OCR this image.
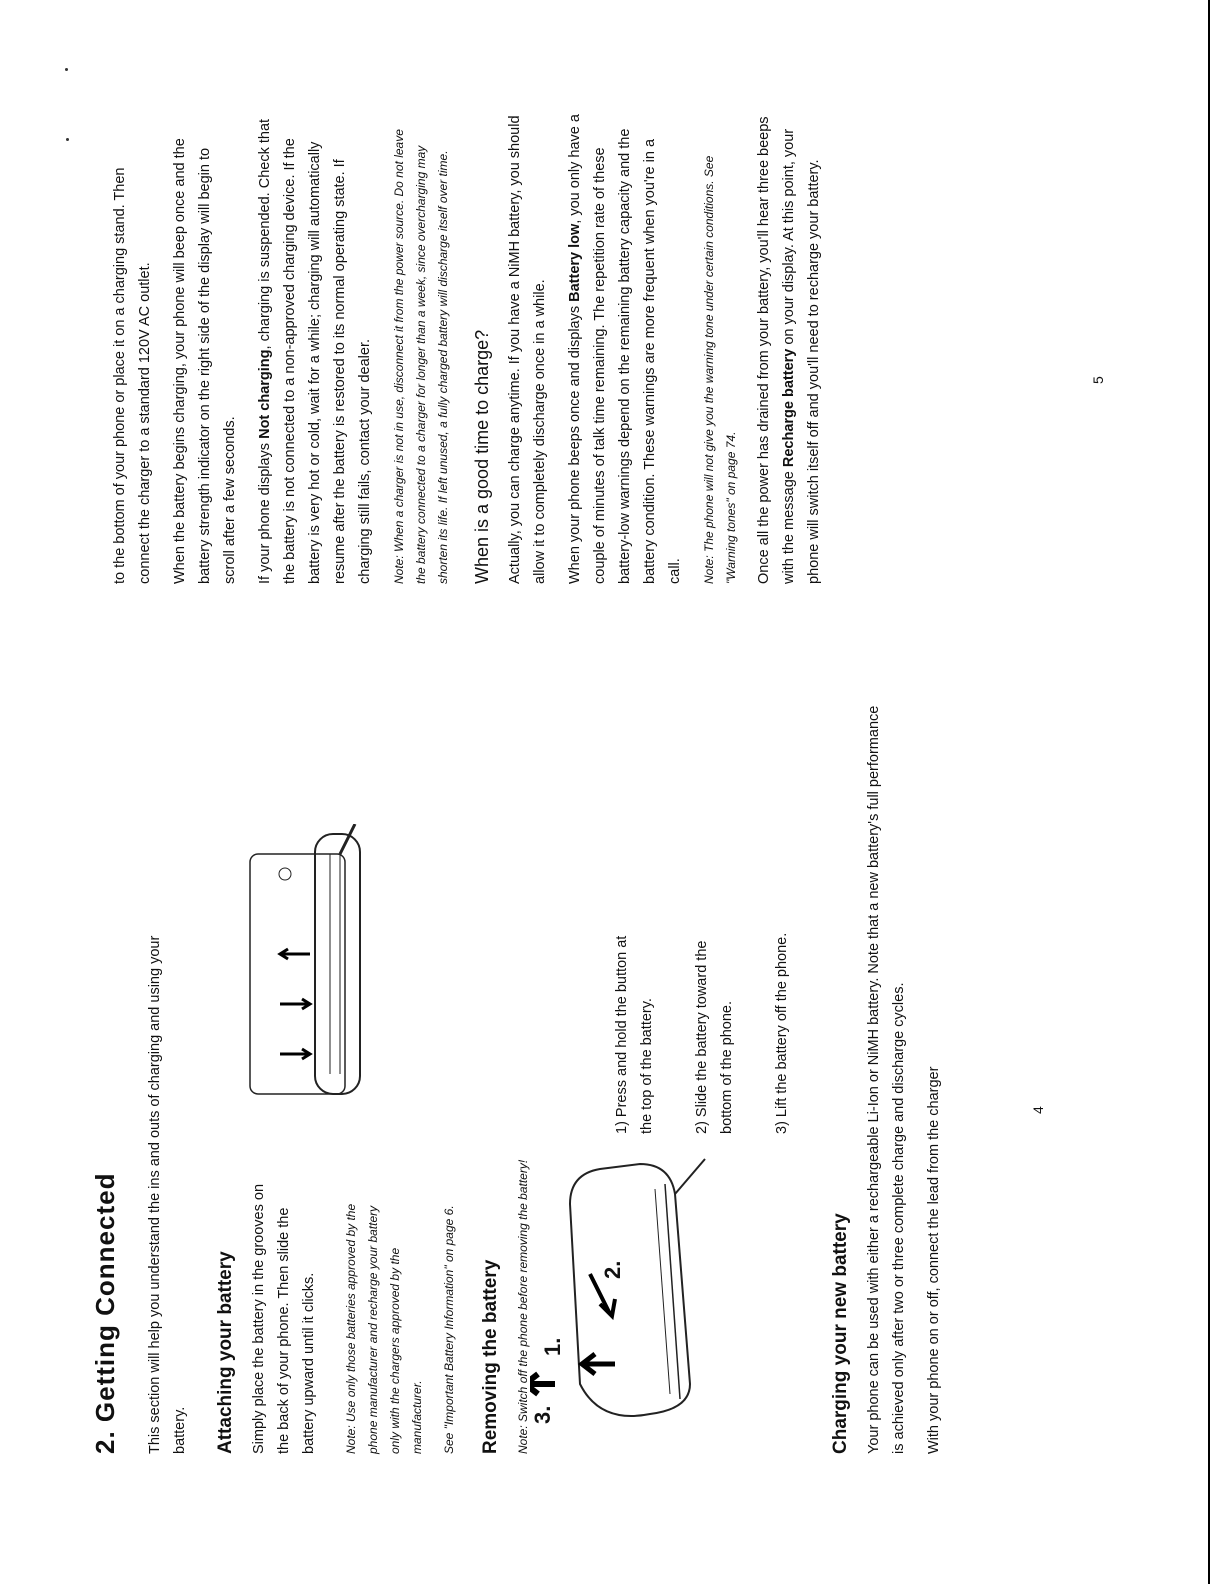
2. Getting Connected This section will help you understand the ins and outs of charging and using your battery. Attaching your battery Simply place the battery in the grooves on the back of your phone. Then slide the battery upward until it clicks.	Note: Use only those batteries approved by the phone manufacturer and recharge your battery only with the chargers approved by the manufacturer.	See "Important Battery Information" on page 6. Removing the battery	Note: Switch off the phone before removing the battery! 1.
2.
3.
1) Press and hold the button at the top of the battery.	2) Slide the battery toward the bottom of the phone.	3) Lift the battery off the phone.
Charging your new battery Your phone can be used with either a rechargeable Li-Ion or NiMH battery. Note that a new battery's full performance is achieved only after two or three complete charge and discharge cycles.	With your phone on or off, connect the lead from the charger	4

to the bottom of your phone or place it on a charging stand. Then connect the charger to a standard 120V AC outlet.	When the battery begins charging, your phone will beep once and the battery strength indicator on the right side of the display will begin to scroll after a few seconds.	If your phone displays Not charging, charging is suspended. Check that the battery is not connected to a non-approved charging device. If the battery is very hot or cold, wait for a while; charging will automatically resume after the battery is restored to its normal operating state. If charging still fails, contact your dealer.	Note: When a charger is not in use, disconnect it from the power source. Do not leave the battery connected to a charger for longer than a week, since overcharging may shorten its life. If left unused, a fully charged battery will discharge itself over time. When is a good time to charge? Actually, you can charge anytime. If you have a NiMH battery, you should allow it to completely discharge once in a while.	When your phone beeps once and displays Battery low, you only have a couple of minutes of talk time remaining. The repetition rate of these battery-low warnings depend on the remaining battery capacity and the battery condition. These warnings are more frequent when you're in a call.	Note: The phone will not give you the warning tone under certain conditions. See "Warning tones" on page 74. Once all the power has drained from your battery, you'll hear three beeps with the message Recharge battery on your display. At this point, your phone will switch itself off and you'll need to recharge your battery.	5
